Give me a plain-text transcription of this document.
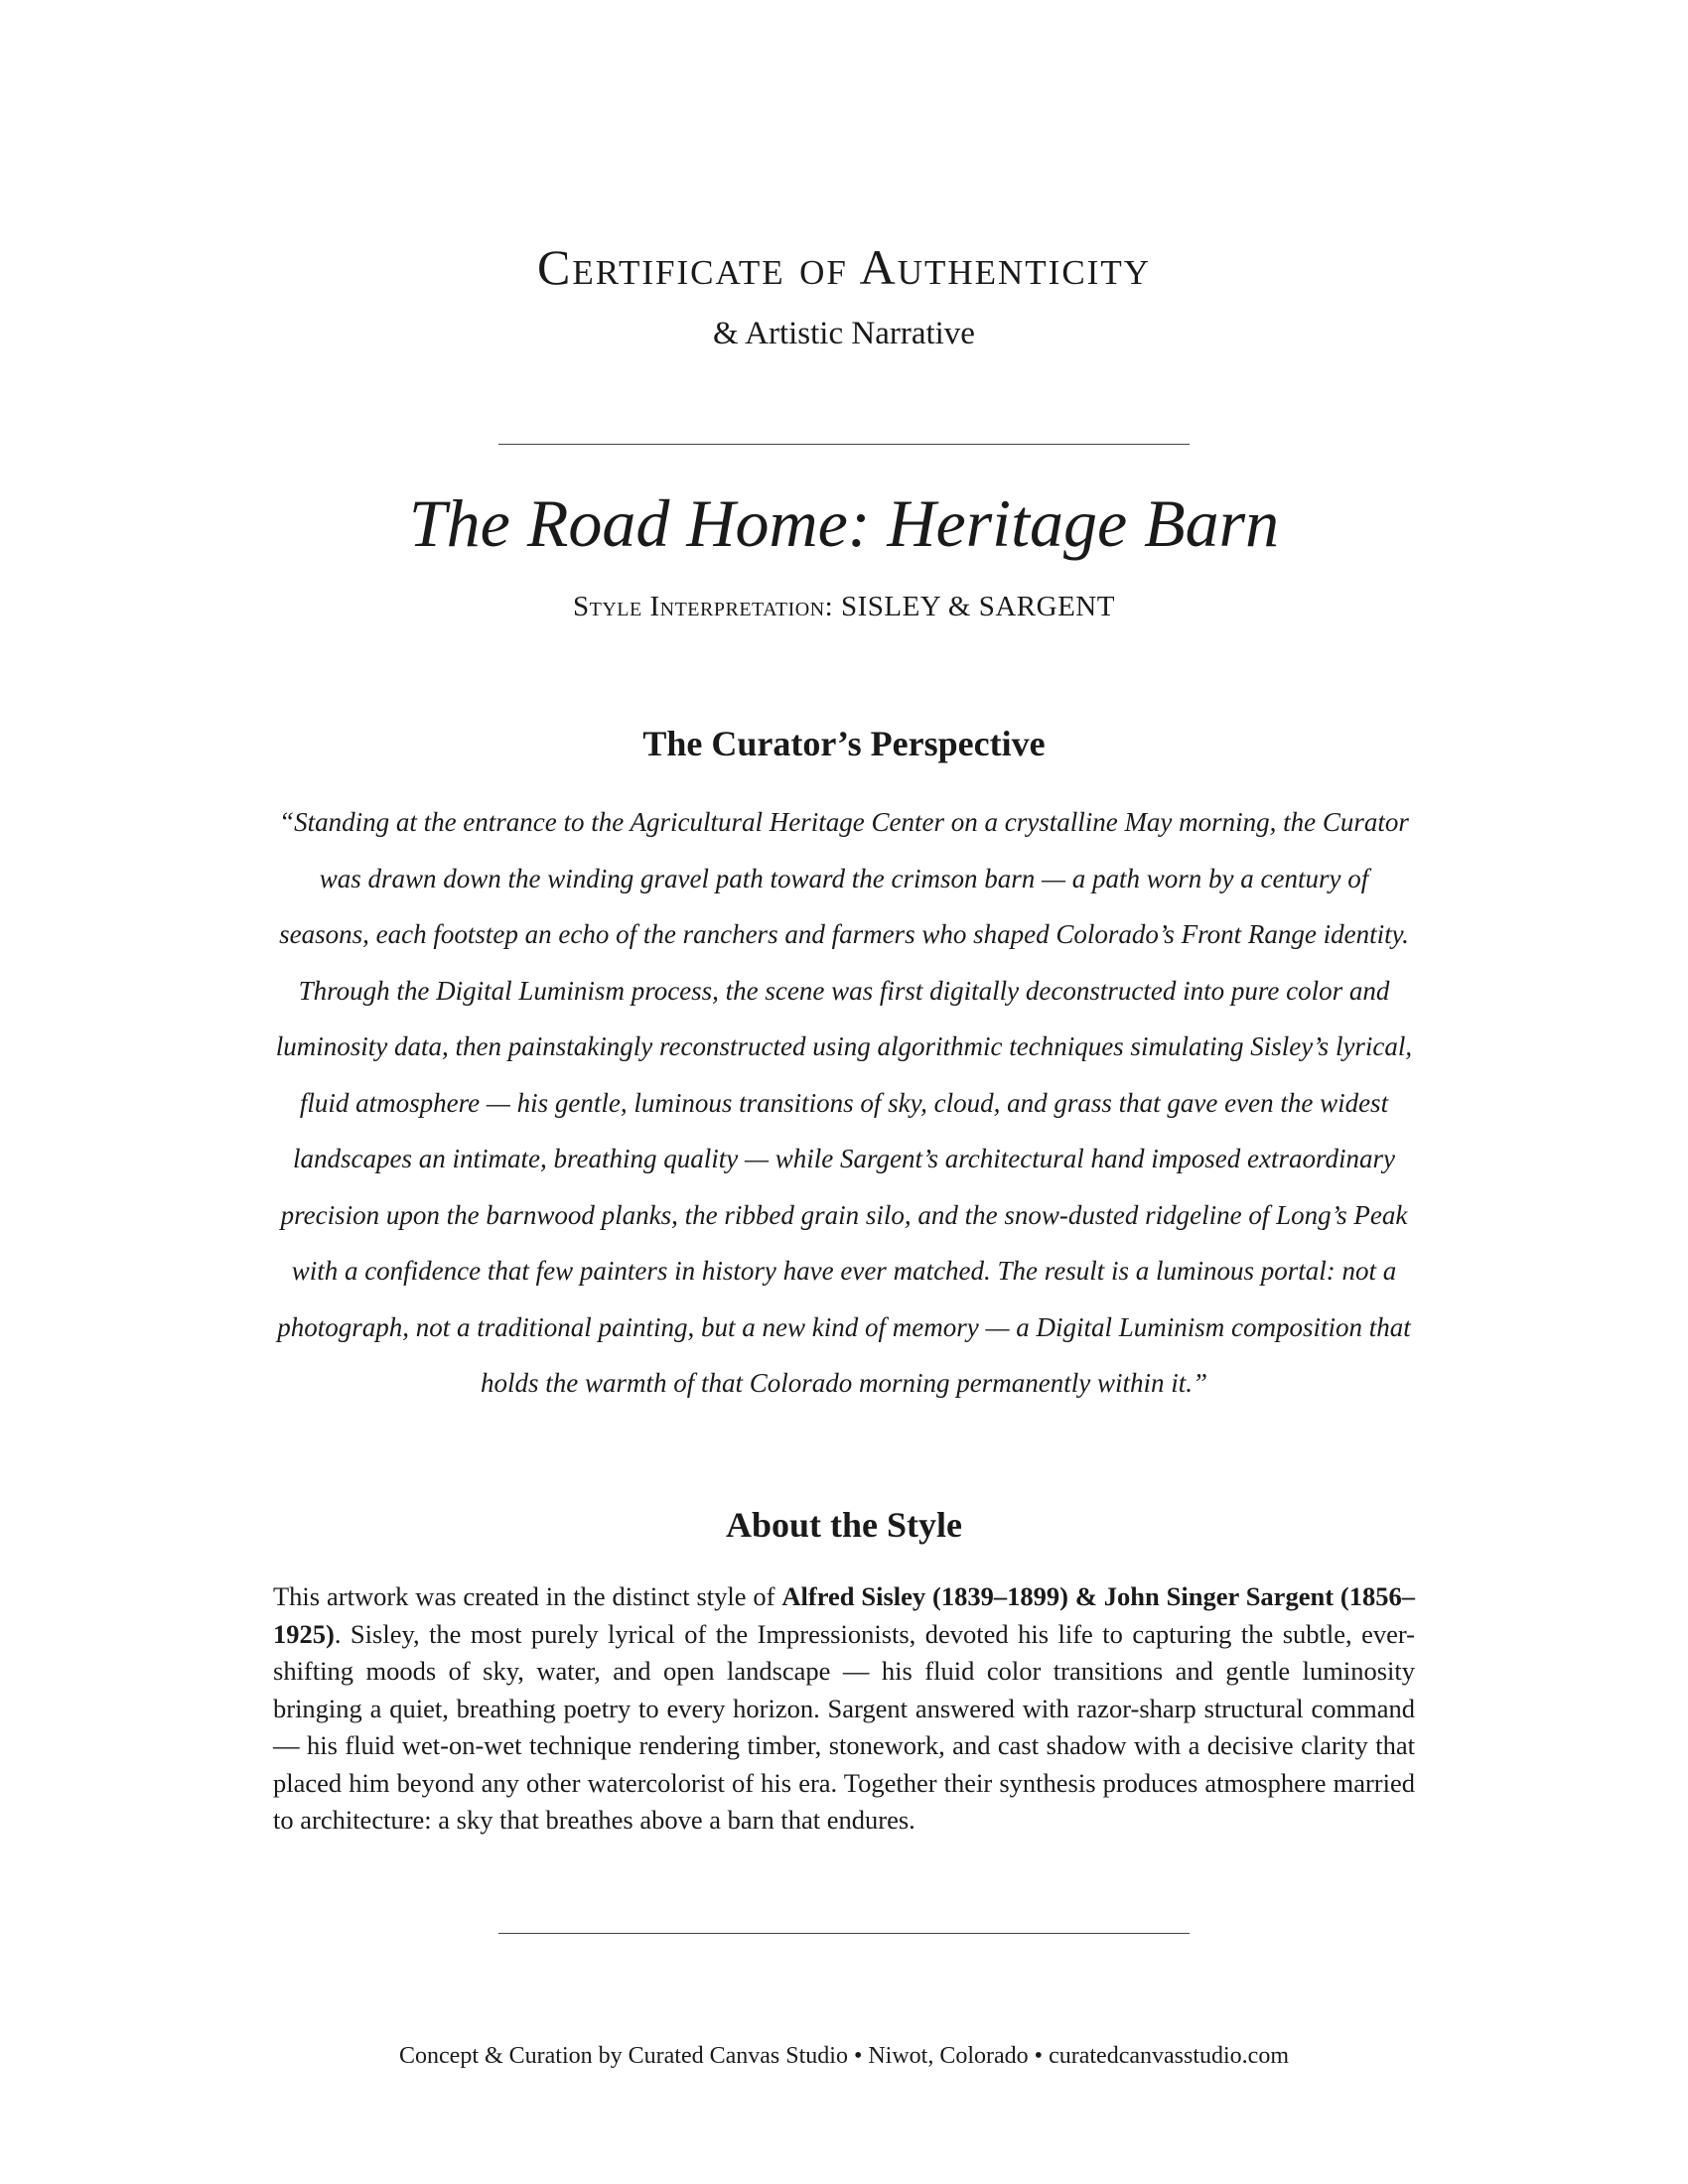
Certificate of Authenticity
& Artistic Narrative
The Road Home: Heritage Barn
Style Interpretation: SISLEY & SARGENT
The Curator’s Perspective

“Standing at the entrance to the Agricultural Heritage Center on a crystalline May morning, the Curator was drawn down the winding gravel path toward the crimson barn — a path worn by a century of seasons, each footstep an echo of the ranchers and farmers who shaped Colorado’s Front Range identity. Through the Digital Luminism process, the scene was first digitally deconstructed into pure color and luminosity data, then painstakingly reconstructed using algorithmic techniques simulating Sisley’s lyrical, fluid atmosphere — his gentle, luminous transitions of sky, cloud, and grass that gave even the widest landscapes an intimate, breathing quality — while Sargent’s architectural hand imposed extraordinary precision upon the barnwood planks, the ribbed grain silo, and the snow-dusted ridgeline of Long’s Peak with a confidence that few painters in history have ever matched. The result is a luminous portal: not a photograph, not a traditional painting, but a new kind of memory — a Digital Luminism composition that holds the warmth of that Colorado morning permanently within it.”

About the Style

This artwork was created in the distinct style of Alfred Sisley (1839–1899) & John Singer Sargent (1856–1925). Sisley, the most purely lyrical of the Impressionists, devoted his life to capturing the subtle, ever-shifting moods of sky, water, and open landscape — his fluid color transitions and gentle luminosity bringing a quiet, breathing poetry to every horizon. Sargent answered with razor-sharp structural command — his fluid wet-on-wet technique rendering timber, stonework, and cast shadow with a decisive clarity that placed him beyond any other watercolorist of his era. Together their synthesis produces atmosphere married to architecture: a sky that breathes above a barn that endures.

Concept & Curation by Curated Canvas Studio • Niwot, Colorado • curatedcanvasstudio.com
